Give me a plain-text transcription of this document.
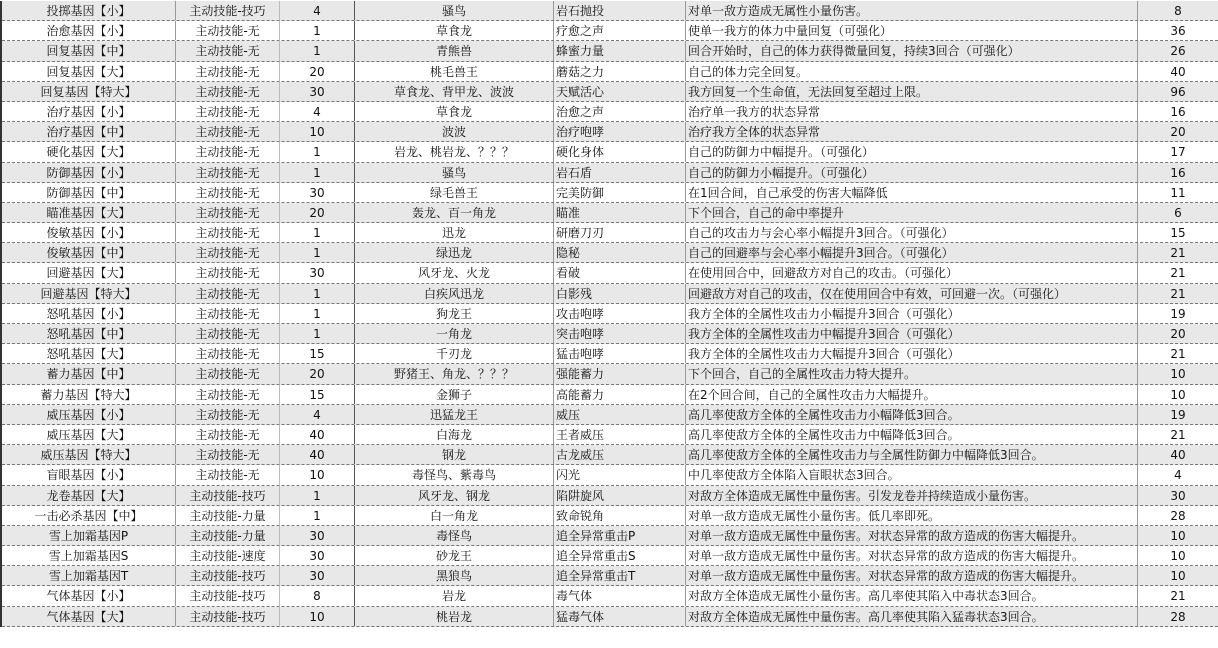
投掷基因【小】	主动技能-技巧	4	骚鸟	岩石抛投	对单一敌方造成无属性小量伤害。	8
治愈基因【小】	主动技能-无	1	草食龙	疗愈之声	使单一我方的体力中量回复（可强化）	36
回复基因【中】	主动技能-无	1	青熊兽	蜂蜜力量	回合开始时，自己的体力获得微量回复，持续3回合（可强化）	26
回复基因【大】	主动技能-无	20	桃毛兽王	蘑菇之力	自己的体力完全回复。	40
回复基因【特大】	主动技能-无	30	草食龙、背甲龙、波波	天赋活心	我方回复一个生命值，无法回复至超过上限。	96
治疗基因【小】	主动技能-无	4	草食龙	治愈之声	治疗单一我方的状态异常	16
治疗基因【中】	主动技能-无	10	波波	治疗咆哮	治疗我方全体的状态异常	20
硬化基因【大】	主动技能-无	1	岩龙、桃岩龙、？？？	硬化身体	自己的防御力中幅提升。（可强化）	17
防御基因【小】	主动技能-无	1	骚鸟	岩石盾	自己的防御力小幅提升。（可强化）	16
防御基因【中】	主动技能-无	30	绿毛兽王	完美防御	在1回合间，自己承受的伤害大幅降低	11
瞄准基因【大】	主动技能-无	20	轰龙、百一角龙	瞄准	下个回合，自己的命中率提升	6
俊敏基因【小】	主动技能-无	1	迅龙	研磨刀刃	自己的攻击力与会心率小幅提升3回合。（可强化）	15
俊敏基因【中】	主动技能-无	1	绿迅龙	隐秘	自己的回避率与会心率小幅提升3回合。（可强化）	21
回避基因【大】	主动技能-无	30	风牙龙、火龙	看破	在使用回合中，回避敌方对自己的攻击。（可强化）	21
回避基因【特大】	主动技能-无	1	白疾风迅龙	白影残	回避敌方对自己的攻击，仅在使用回合中有效，可回避一次。（可强化）	21
怒吼基因【小】	主动技能-无	1	狗龙王	攻击咆哮	我方全体的全属性攻击力小幅提升3回合（可强化）	19
怒吼基因【中】	主动技能-无	1	一角龙	突击咆哮	我方全体的全属性攻击力中幅提升3回合（可强化）	20
怒吼基因【大】	主动技能-无	15	千刃龙	猛击咆哮	我方全体的全属性攻击力大幅提升3回合（可强化）	21
蓄力基因【中】	主动技能-无	20	野猪王、角龙、？？？	强能蓄力	下个回合，自己的全属性攻击力特大提升。	10
蓄力基因【特大】	主动技能-无	15	金狮子	高能蓄力	在2个回合间，自己的全属性攻击力大幅提升。	10
威压基因【小】	主动技能-无	4	迅猛龙王	威压	高几率使敌方全体的全属性攻击力小幅降低3回合。	19
威压基因【大】	主动技能-无	40	白海龙	王者威压	高几率使敌方全体的全属性攻击力中幅降低3回合。	21
威压基因【特大】	主动技能-无	40	钢龙	古龙威压	高几率使敌方全体的全属性攻击力与全属性防御力中幅降低3回合。	40
盲眼基因【小】	主动技能-无	10	毒怪鸟、紫毒鸟	闪光	中几率使敌方全体陷入盲眼状态3回合。	4
龙卷基因【大】	主动技能-技巧	1	风牙龙、钢龙	陷阱旋风	对敌方全体造成无属性中量伤害。引发龙卷并持续造成小量伤害。	30
一击必杀基因【中】	主动技能-力量	1	白一角龙	致命锐角	对单一敌方造成无属性小量伤害。低几率即死。	28
雪上加霜基因P	主动技能-力量	30	毒怪鸟	追全异常重击P	对单一敌方造成无属性中量伤害。对状态异常的敌方造成的伤害大幅提升。	10
雪上加霜基因S	主动技能-速度	30	砂龙王	追全异常重击S	对单一敌方造成无属性中量伤害。对状态异常的敌方造成的伤害大幅提升。	10
雪上加霜基因T	主动技能-技巧	30	黑狼鸟	追全异常重击T	对单一敌方造成无属性中量伤害。对状态异常的敌方造成的伤害大幅提升。	10
气体基因【小】	主动技能-技巧	8	岩龙	毒气体	对敌方全体造成无属性小量伤害。高几率使其陷入中毒状态3回合。	21
气体基因【大】	主动技能-技巧	10	桃岩龙	猛毒气体	对敌方全体造成无属性中量伤害。高几率使其陷入猛毒状态3回合。	28
